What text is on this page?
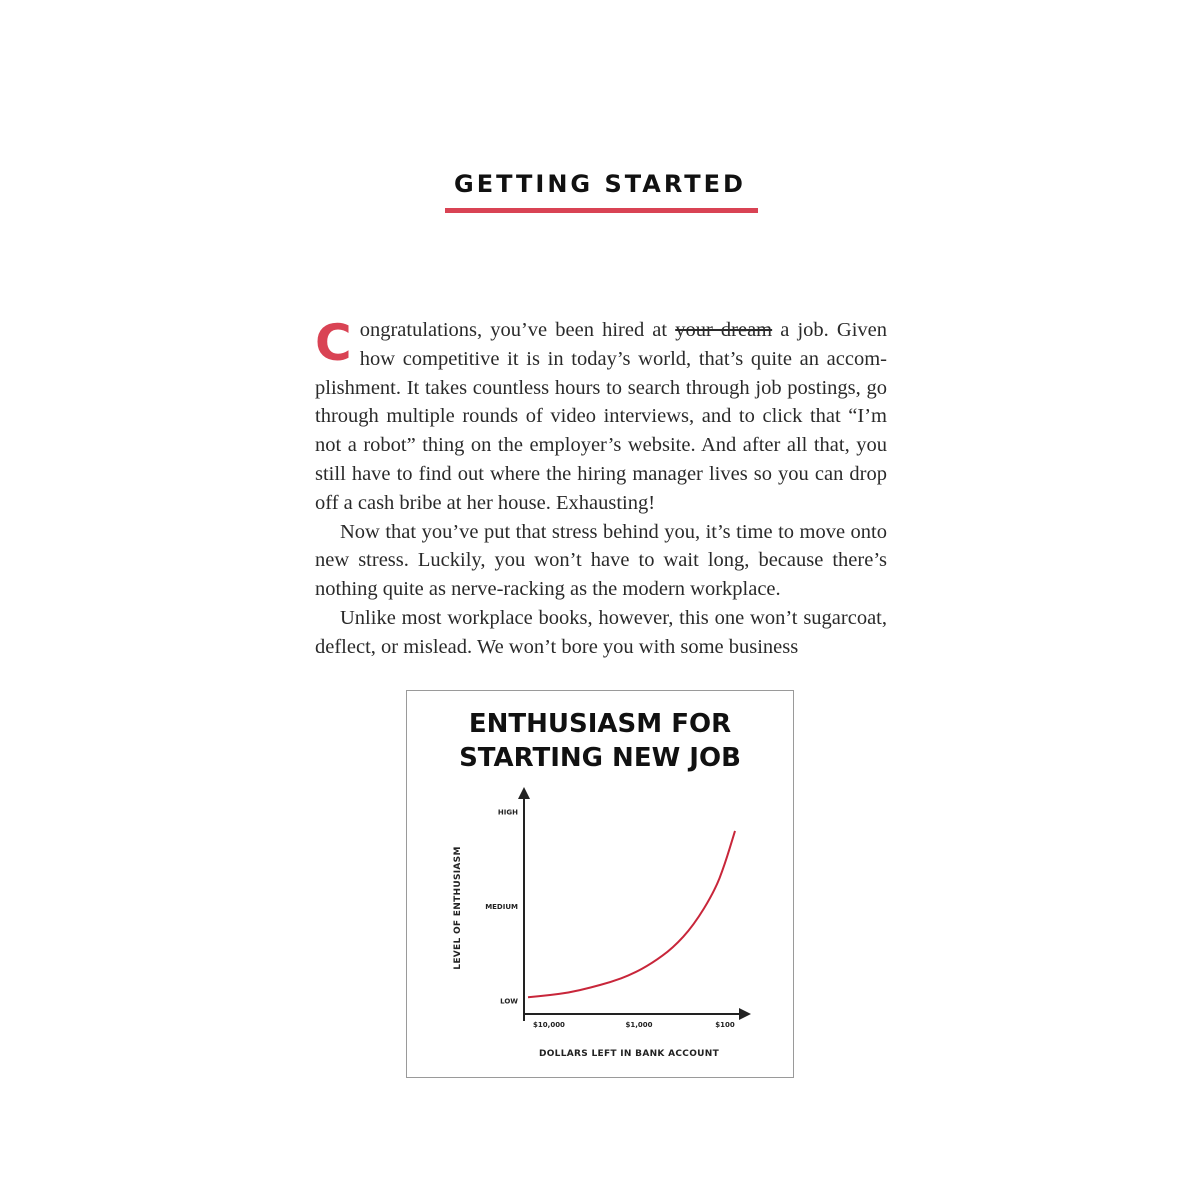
GETTING STARTED

Congratulations, you’ve been hired at your dream a job. Given how competitive it is in today’s world, that’s quite an accomplishment. It takes countless hours to search through job postings, go through multiple rounds of video interviews, and to click that “I’m not a robot” thing on the employer’s website. And after all that, you still have to find out where the hiring manager lives so you can drop off a cash bribe at her house. Exhausting!

Now that you’ve put that stress behind you, it’s time to move onto new stress. Luckily, you won’t have to wait long, because there’s nothing quite as nerve-racking as the modern workplace.

Unlike most workplace books, however, this one won’t sugarcoat, deflect, or mislead. We won’t bore you with some business

ENTHUSIASM FOR
STARTING NEW JOB
LEVEL OF ENTHUSIASM
DOLLARS LEFT IN BANK ACCOUNT
LOW
MEDIUM
HIGH
$10,000	$1,000	$100
